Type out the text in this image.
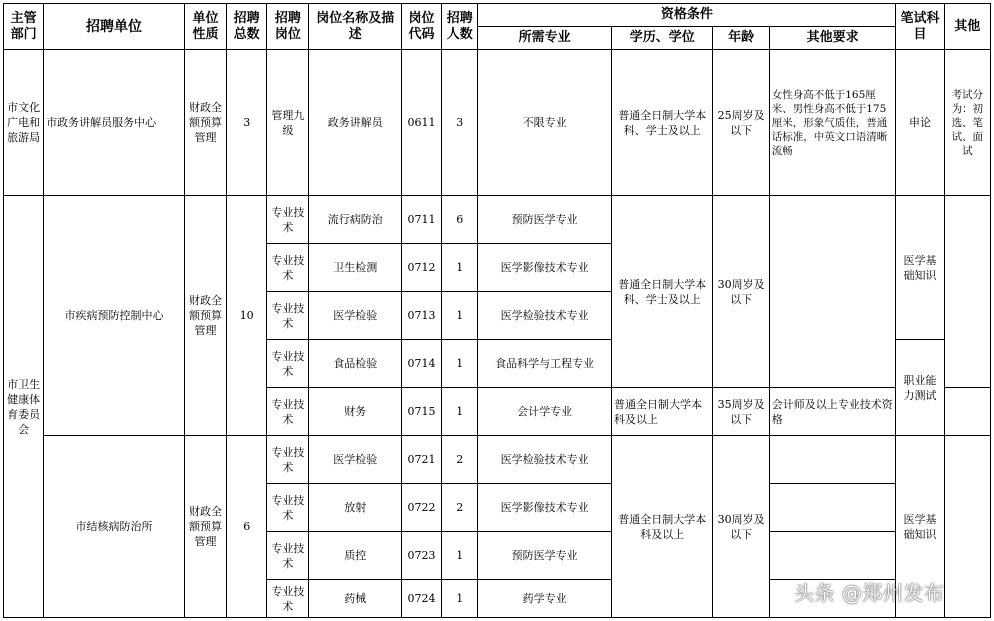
主管部门	招聘单位	单位性质	招聘总数	招聘岗位	岗位名称及描述	岗位代码	招聘人数	资格条件				笔试科目	其他
								所需专业	学历、学位	年龄	其他要求		
市文化广电和旅游局	市政务讲解员服务中心	财政全额预算管理	3	管理九级	政务讲解员	0611	3	不限专业	普通全日制大学本科、学士及以上	25周岁及以下	女性身高不低于165厘米、男性身高不低于175厘米，形象气质佳，普通话标准，中英文口语清晰流畅	申论	考试分为：初选、笔试、面试
市卫生健康体育委员会	市疾病预防控制中心	财政全额预算管理	10	专业技术	流行病防治	0711	6	预防医学专业	普通全日制大学本科、学士及以上	30周岁及以下		医学基础知识	
				专业技术	卫生检测	0712	1	医学影像技术专业					
				专业技术	医学检验	0713	1	医学检验技术专业					
				专业技术	食品检验	0714	1	食品科学与工程专业				职业能力测试	
				专业技术	财务	0715	1	会计学专业	普通全日制大学本科及以上	35周岁及以下	会计师及以上专业技术资格		
	市结核病防治所	财政全额预算管理	6	专业技术	医学检验	0721	2	医学检验技术专业	普通全日制大学本科及以上	30周岁及以下		医学基础知识	
				专业技术	放射	0722	2	医学影像技术专业					
				专业技术	质控	0723	1	预防医学专业					
				专业技术	药械	0724	1	药学专业						头条 @郑州发布
